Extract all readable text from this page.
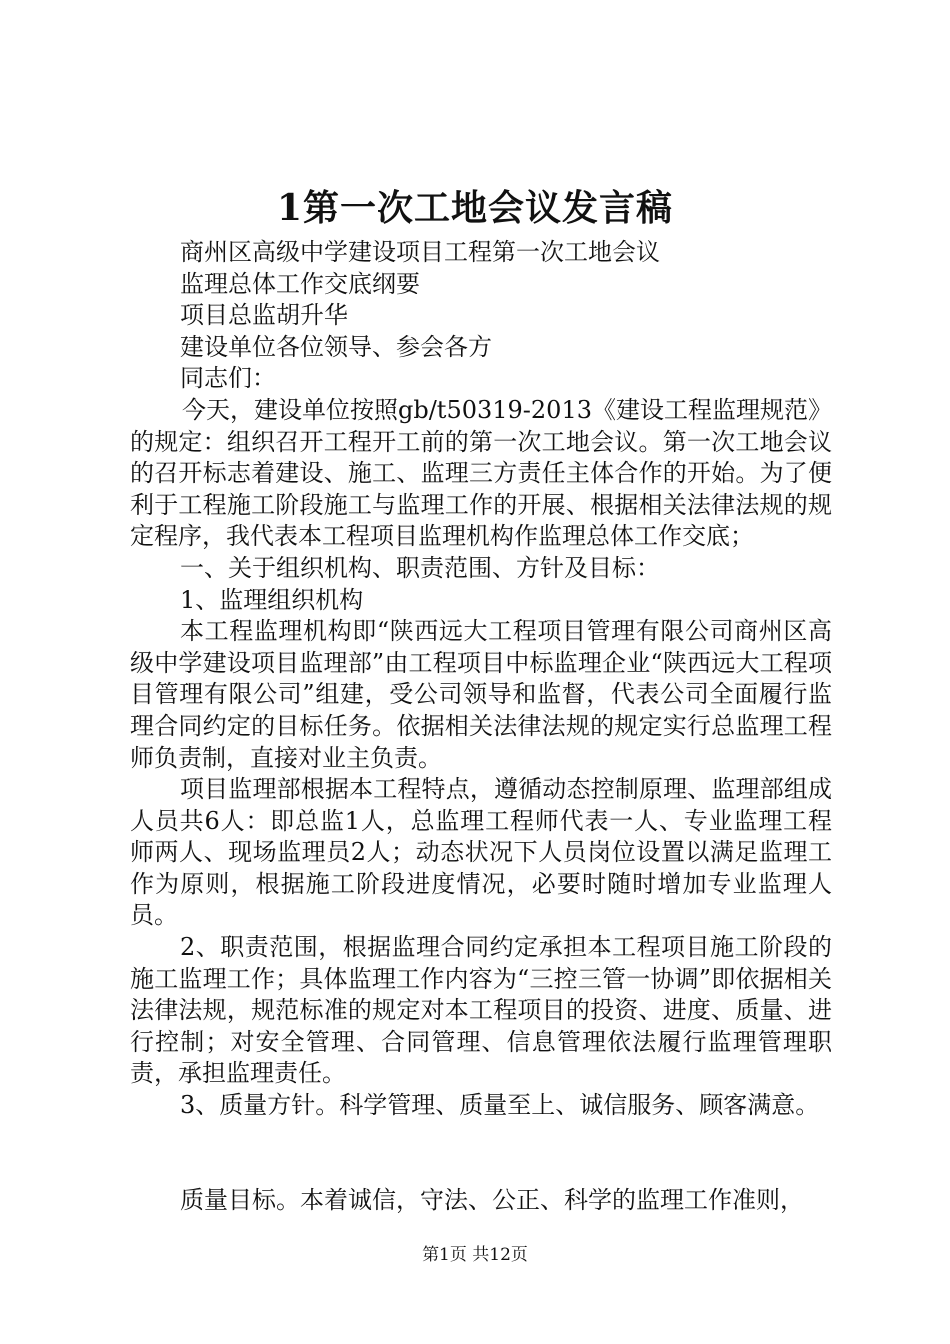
1第一次工地会议发言稿

商州区高级中学建设项目工程第一次工地会议

监理总体工作交底纲要

项目总监胡升华

建设单位各位领导、参会各方

同志们：

今天，建设单位按照gb/t50319-2013《建设工程监理规范》的规定：组织召开工程开工前的第一次工地会议。第一次工地会议的召开标志着建设、施工、监理三方责任主体合作的开始。为了便利于工程施工阶段施工与监理工作的开展、根据相关法律法规的规定程序，我代表本工程项目监理机构作监理总体工作交底；

一、关于组织机构、职责范围、方针及目标：

1、监理组织机构

本工程监理机构即“陕西远大工程项目管理有限公司商州区高级中学建设项目监理部”由工程项目中标监理企业“陕西远大工程项目管理有限公司”组建，受公司领导和监督，代表公司全面履行监理合同约定的目标任务。依据相关法律法规的规定实行总监理工程师负责制，直接对业主负责。

项目监理部根据本工程特点，遵循动态控制原理、监理部组成人员共6人：即总监1人，总监理工程师代表一人、专业监理工程师两人、现场监理员2人；动态状况下人员岗位设置以满足监理工作为原则，根据施工阶段进度情况，必要时随时增加专业监理人员。

2、职责范围，根据监理合同约定承担本工程项目施工阶段的施工监理工作；具体监理工作内容为“三控三管一协调”即依据相关法律法规，规范标准的规定对本工程项目的投资、进度、质量、进行控制；对安全管理、合同管理、信息管理依法履行监理管理职责，承担监理责任。

3、质量方针。科学管理、质量至上、诚信服务、顾客满意。

质量目标。本着诚信，守法、公正、科学的监理工作准则，

第1页 共12页
